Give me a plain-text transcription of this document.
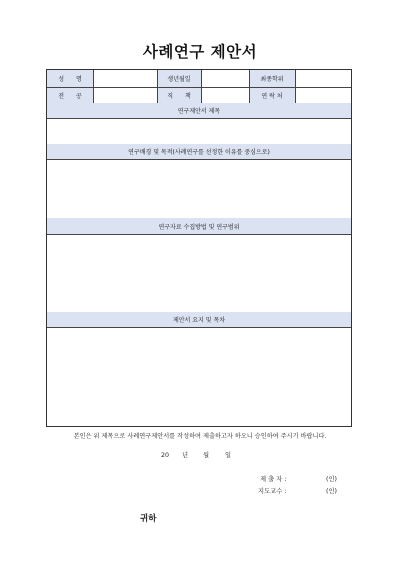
사례연구 제안서
성　　명	생년월일	최종학위
전　　공	직　　책	연 락 처
연구제안서 제목
연구배경 및 목적(사례연구를 선정한 이유를 중심으로)
연구자료 수집방법 및 연구범위
제안서 요지 및 목차
본인은 위 제목으로 사례연구제안서를 작성하여 제출하고자 하오니 승인하여 주시기 바랍니다.
20 년 월	일
제 출 자 :	(인)
지도교수 :	(인)
귀하
